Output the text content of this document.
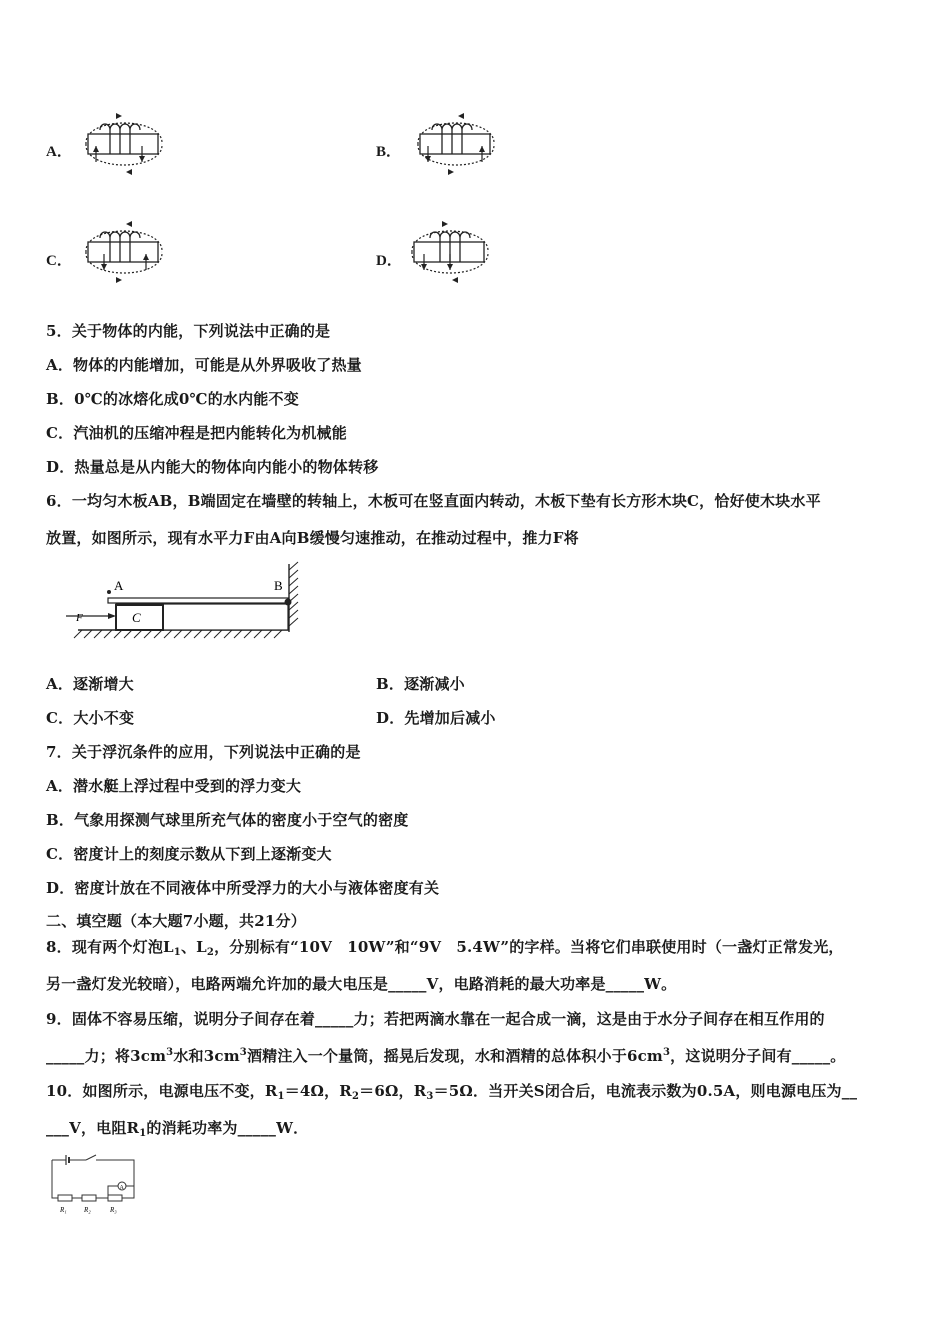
A．	B．
C．	D．
5．关于物体的内能，下列说法中正确的是
A．物体的内能增加，可能是从外界吸收了热量
B．0℃的冰熔化成0℃的水内能不变
C．汽油机的压缩冲程是把内能转化为机械能
D．热量总是从内能大的物体向内能小的物体转移
6．一均匀木板AB，B端固定在墙壁的转轴上，木板可在竖直面内转动，木板下垫有长方形木块C，恰好使木块水平
放置，如图所示，现有水平力F由A向B缓慢匀速推动，在推动过程中，推力F将
A	B
C
F
A．逐渐增大	B．逐渐减小
C．大小不变	D．先增加后减小
7．关于浮沉条件的应用，下列说法中正确的是
A．潜水艇上浮过程中受到的浮力变大
B．气象用探测气球里所充气体的密度小于空气的密度
C．密度计上的刻度示数从下到上逐渐变大
D．密度计放在不同液体中所受浮力的大小与液体密度有关
二、填空题（本大题7小题，共21分）
8．现有两个灯泡$L_1$、$L_2$，分别标有“10V　10W”和“9V　5.4W”的字样。当将它们串联使用时（一盏灯正常发光，
另一盏灯发光较暗），电路两端允许加的最大电压是_____V，电路消耗的最大功率是_____W。
9．固体不容易压缩，说明分子间存在着_____力；若把两滴水靠在一起合成一滴，这是由于水分子间存在相互作用的
_____力；将$3cm^3$水和$3cm^3$酒精注入一个量筒，摇晃后发现，水和酒精的总体积小于$6cm^3$，这说明分子间有_____。
10．如图所示，电源电压不变，$R_1=4\Omega$，$R_2=6\Omega$，$R_3=5\Omega$．当开关S闭合后，电流表示数为0.5A，则电源电压为__
___V，电阻$R_1$的消耗功率为_____W．
A
R₁ R₂	R₃
